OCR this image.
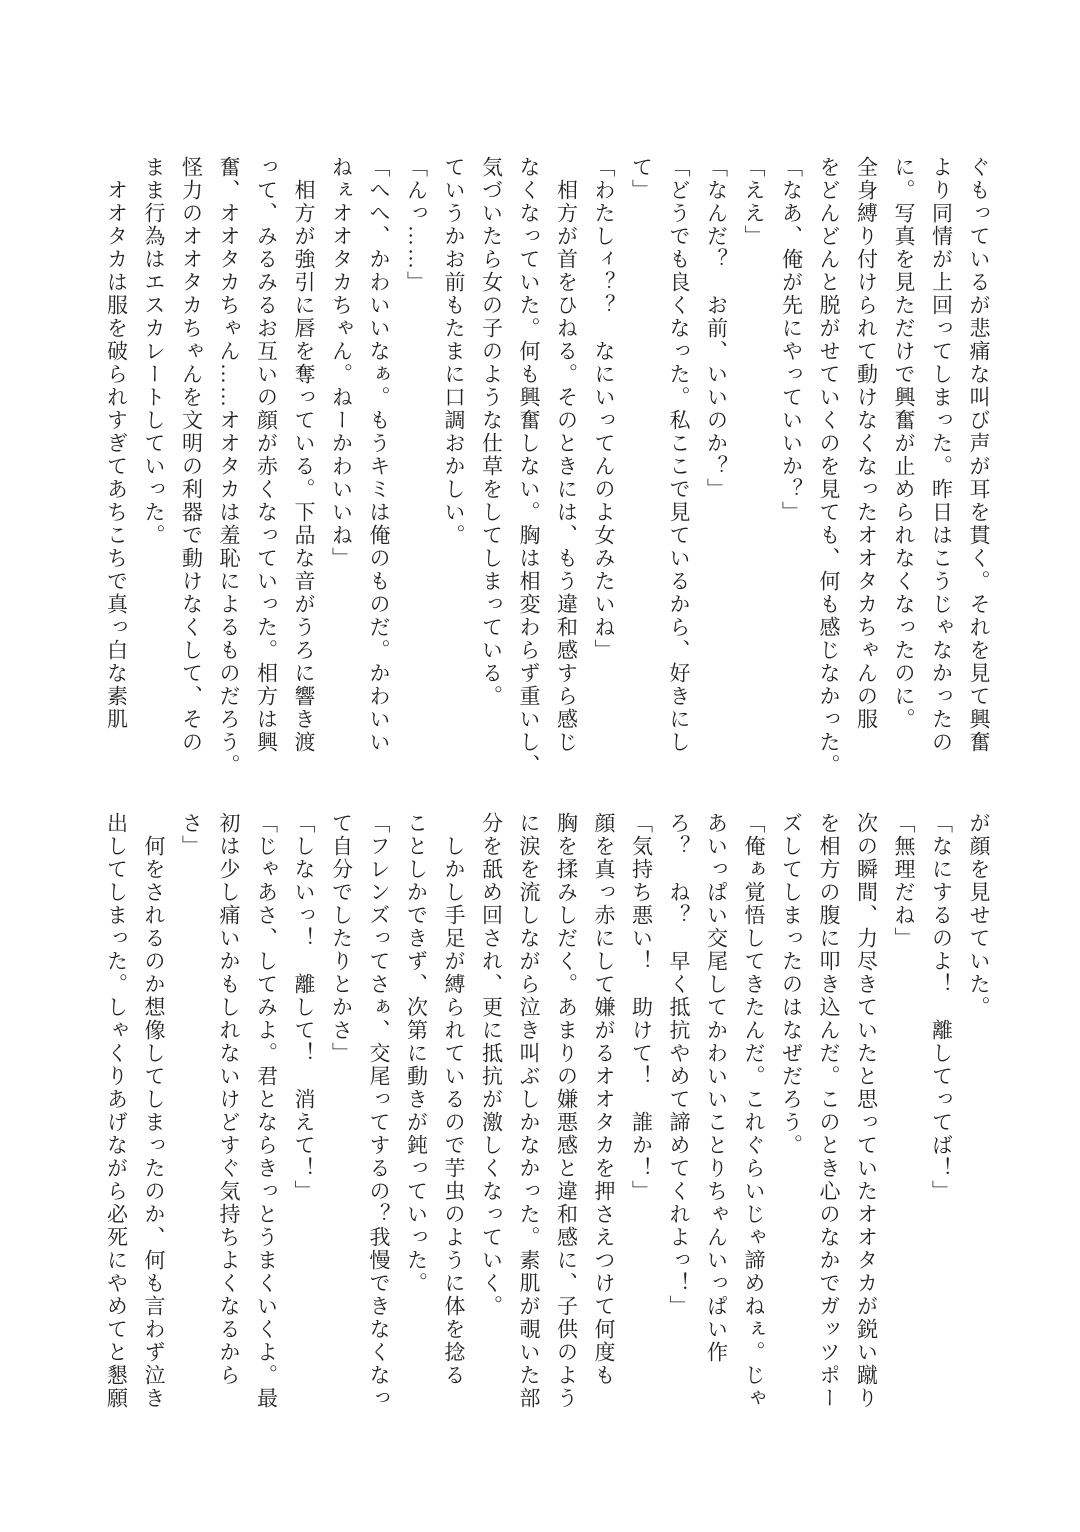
ぐもっているが悲痛な叫び声が耳を貫く。それを見て興奮

より同情が上回ってしまった。昨日はこうじゃなかったの

に。写真を見ただけで興奮が止められなくなったのに。

全身縛り付けられて動けなくなったオオタカちゃんの服

をどんどんと脱がせていくのを見ても、何も感じなかった。

「なあ、俺が先にやっていいか？」

「ええ」

「なんだ？　お前、いいのか？」

「どうでも良くなった。私ここで見ているから、好きにし

て」

「わたしィ？？　なにいってんのよ女みたいね」

　相方が首をひねる。そのときには、もう違和感すら感じ

なくなっていた。何も興奮しない。胸は相変わらず重いし、

気づいたら女の子のような仕草をしてしまっている。

ていうかお前もたまに口調おかしい。

「んっ……」

「へへ、かわいいなぁ。もうキミは俺のものだ。かわいい

ねぇオオタカちゃん。ねーかわいいね」

　相方が強引に唇を奪っている。下品な音がうろに響き渡

って、みるみるお互いの顔が赤くなっていった。相方は興

奮、オオタカちゃん……オオタカは羞恥によるものだろう。

怪力のオオタカちゃんを文明の利器で動けなくして、その

まま行為はエスカレートしていった。

　オオタカは服を破られすぎてあちこちで真っ白な素肌

が顔を見せていた。

「なにするのよ！　離してってば！」

「無理だね」

次の瞬間、力尽きていたと思っていたオオタカが鋭い蹴り

を相方の腹に叩き込んだ。このとき心のなかでガッツポー

ズしてしまったのはなぜだろう。

「俺ぁ覚悟してきたんだ。これぐらいじゃ諦めねぇ。じゃ

あいっぱい交尾してかわいいことりちゃんいっぱい作

ろ？　ね？　早く抵抗やめて諦めてくれよっ！」

「気持ち悪い！　助けて！　誰か！」

顔を真っ赤にして嫌がるオオタカを押さえつけて何度も

胸を揉みしだく。あまりの嫌悪感と違和感に、子供のよう

に涙を流しながら泣き叫ぶしかなかった。素肌が覗いた部

分を舐め回され、更に抵抗が激しくなっていく。

　しかし手足が縛られているので芋虫のように体を捻る

ことしかできず、次第に動きが鈍っていった。

「フレンズってさぁ、交尾ってするの？我慢できなくなっ

て自分でしたりとかさ」

「しないっ！　離して！　消えて！」

「じゃあさ、してみよ。君とならきっとうまくいくよ。最

初は少し痛いかもしれないけどすぐ気持ちよくなるから

さ」

　何をされるのか想像してしまったのか、何も言わず泣き

出してしまった。しゃくりあげながら必死にやめてと懇願
